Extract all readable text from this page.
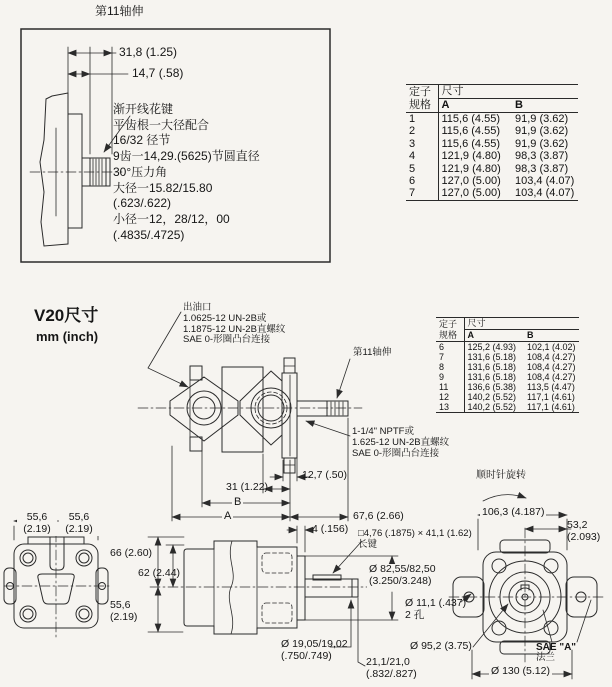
第11轴伸
31,8 (1.25)
14,7 (.58)
渐开线花键
平齿根一大径配合
16/32 径节
9齿一14,29.(5625)节圆直径
30°压力角
大径一15.82/15.80
(.623/.622)
小径一12，28/12，00
(.4835/.4725)
V20尺寸
mm (inch)
出油口
1.0625-12 UN-2B或
1.1875-12 UN-2B直螺纹
SAE 0-形圈凸台连接
第11轴伸
1-1/4" NPTF或
1.625-12 UN-2B直螺纹
SAE 0-形圈凸台连接
12,7 (.50)
31 (1.22)
B
A	67,6 (2.66)
55,6
(2.19)
55,6
(2.19)
66 (2.60)
62 (2.44)
55,6
(2.19)
4 (.156) □4,76 (.1875) × 41,1 (1.62)
长键
Ø 82,55/82,50
(3.250/3.248)
Ø 19,05/19,02
(.750/.749)
21,1/21,0
(.832/.827)
Ø 11,1 (.437)
2 孔
Ø 95,2 (3.75)
Ø 130 (5.12)
SAE "A"
法兰
106,3 (4.187)
53,2
(2.093)
顺时针旋转
定子
规格	尺寸	
	A	B
1	115,6 (4.55)	91,9 (3.62)
2	115,6 (4.55)	91,9 (3.62)
3	115,6 (4.55)	91,9 (3.62)
4	121,9 (4.80)	98,3 (3.87)
5	121,9 (4.80)	98,3 (3.87)
6	127,0 (5.00)	103,4 (4.07)
7	127,0 (5.00)	103,4 (4.07)
定子
规格	尺寸	
	A	B
6	125,2 (4.93)	102,1 (4.02)
7	131,6 (5.18)	108,4 (4.27)
8	131,6 (5.18)	108,4 (4.27)
9	131,6 (5.18)	108,4 (4.27)
11	136,6 (5.38)	113,5 (4.47)
12	140,2 (5.52)	117,1 (4.61)
13	140,2 (5.52)	117,1 (4.61)
